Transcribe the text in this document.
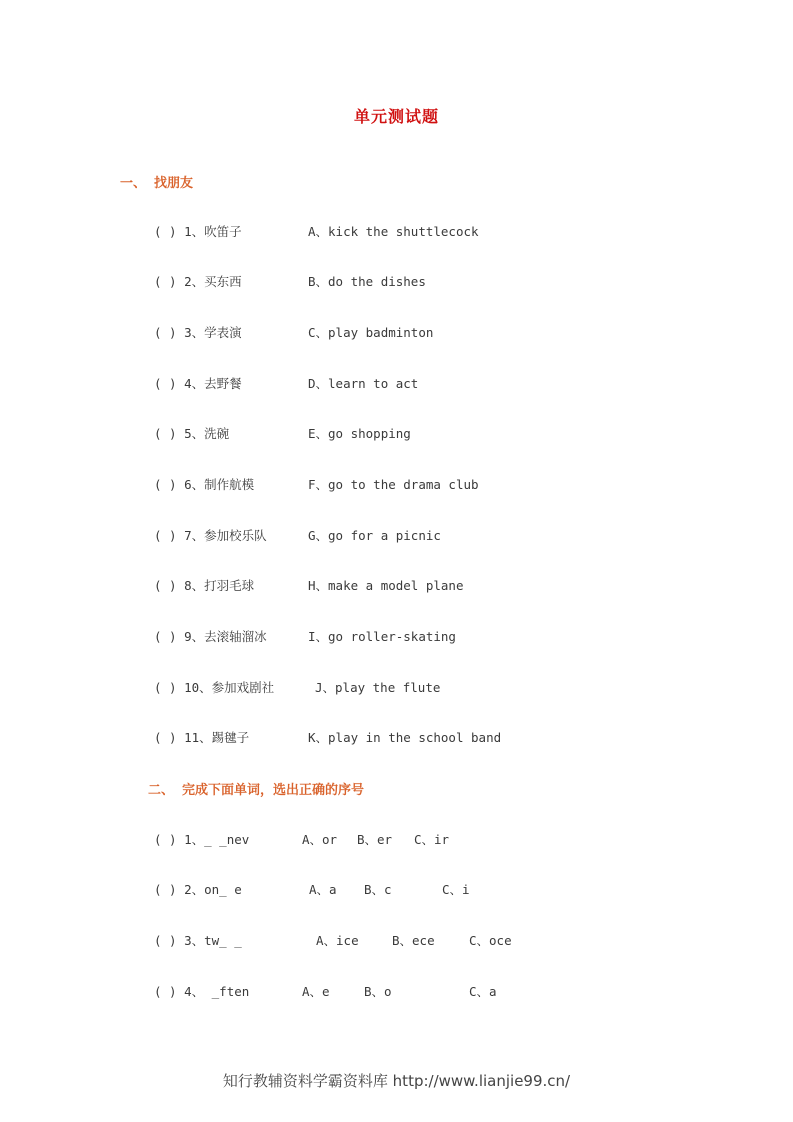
单元测试题
一、 找朋友
( ) 1、吹笛子	A、kick the shuttlecock
( ) 2、买东西	B、do the dishes
( ) 3、学表演	C、play badminton
( ) 4、去野餐	D、learn to act
( ) 5、洗碗	E、go shopping
( ) 6、制作航模	F、go to the drama club
( ) 7、参加校乐队	G、go for a picnic
( ) 8、打羽毛球	H、make a model plane
( ) 9、去滚轴溜冰	I、go roller-skating
( ) 10、参加戏剧社	J、play the flute
( ) 11、踢毽子	K、play in the school band
二、 完成下面单词，选出正确的序号
( ) 1、_ _nev	A、or B、er C、ir
( ) 2、on_ e	A、a B、c	C、i
( ) 3、tw_ _	A、ice	B、ece	C、oce
( ) 4、 _ften	A、e	B、o	C、a
知行教辅资料学霸资料库 http://www.lianjie99.cn/
